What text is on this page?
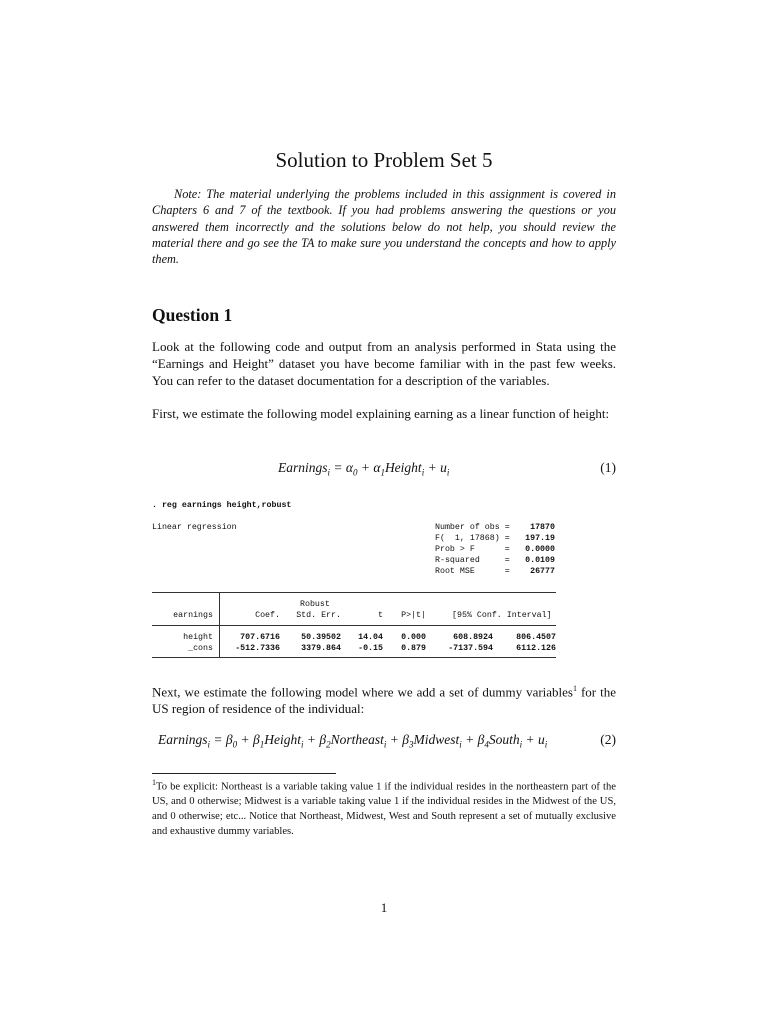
Solution to Problem Set 5
Note: The material underlying the problems included in this assignment is covered in Chapters 6 and 7 of the textbook. If you had problems answering the questions or you answered them incorrectly and the solutions below do not help, you should review the material there and go see the TA to make sure you understand the concepts and how to apply them.
Question 1
Look at the following code and output from an analysis performed in Stata using the “Earnings and Height” dataset you have become familiar with in the past few weeks. You can refer to the dataset documentation for a description of the variables.
First, we estimate the following model explaining earning as a linear function of height:
Earnings$_i$ = $\alpha_0$ + $\alpha_1Height_i + u_i$	(1)
. reg earnings height,robust
Linear regression	Number of obs =	17870
F(  1, 17868) = 197.19
Prob > F      = 0.0000
R-squared     = 0.0109
Root MSE      =	26777
Robust
earnings	Coef. Std. Err.	t	P>|t|	[95% Conf. Interval]
height	707.6716	50.39502	14.04	0.000	608.8924	806.4507
_cons	-512.7336	3379.864	-0.15	0.879	-7137.594	6112.126
Next, we estimate the following model where we add a set of dummy variables$^1$ for the US region of residence of the individual:
Earnings$_i$ = $\beta_0$ + $\beta_1Height_i$ + $\beta_2Northeast_i$ + $\beta_3Midwest_i$ + $\beta_4South_i + u_i$	(2)
$^1$To be explicit: Northeast is a variable taking value 1 if the individual resides in the northeastern part of the US, and 0 otherwise; Midwest is a variable taking value 1 if the individual resides in the Midwest of the US, and 0 otherwise; etc... Notice that Northeast, Midwest, West and South represent a set of mutually exclusive and exhaustive dummy variables.
1
